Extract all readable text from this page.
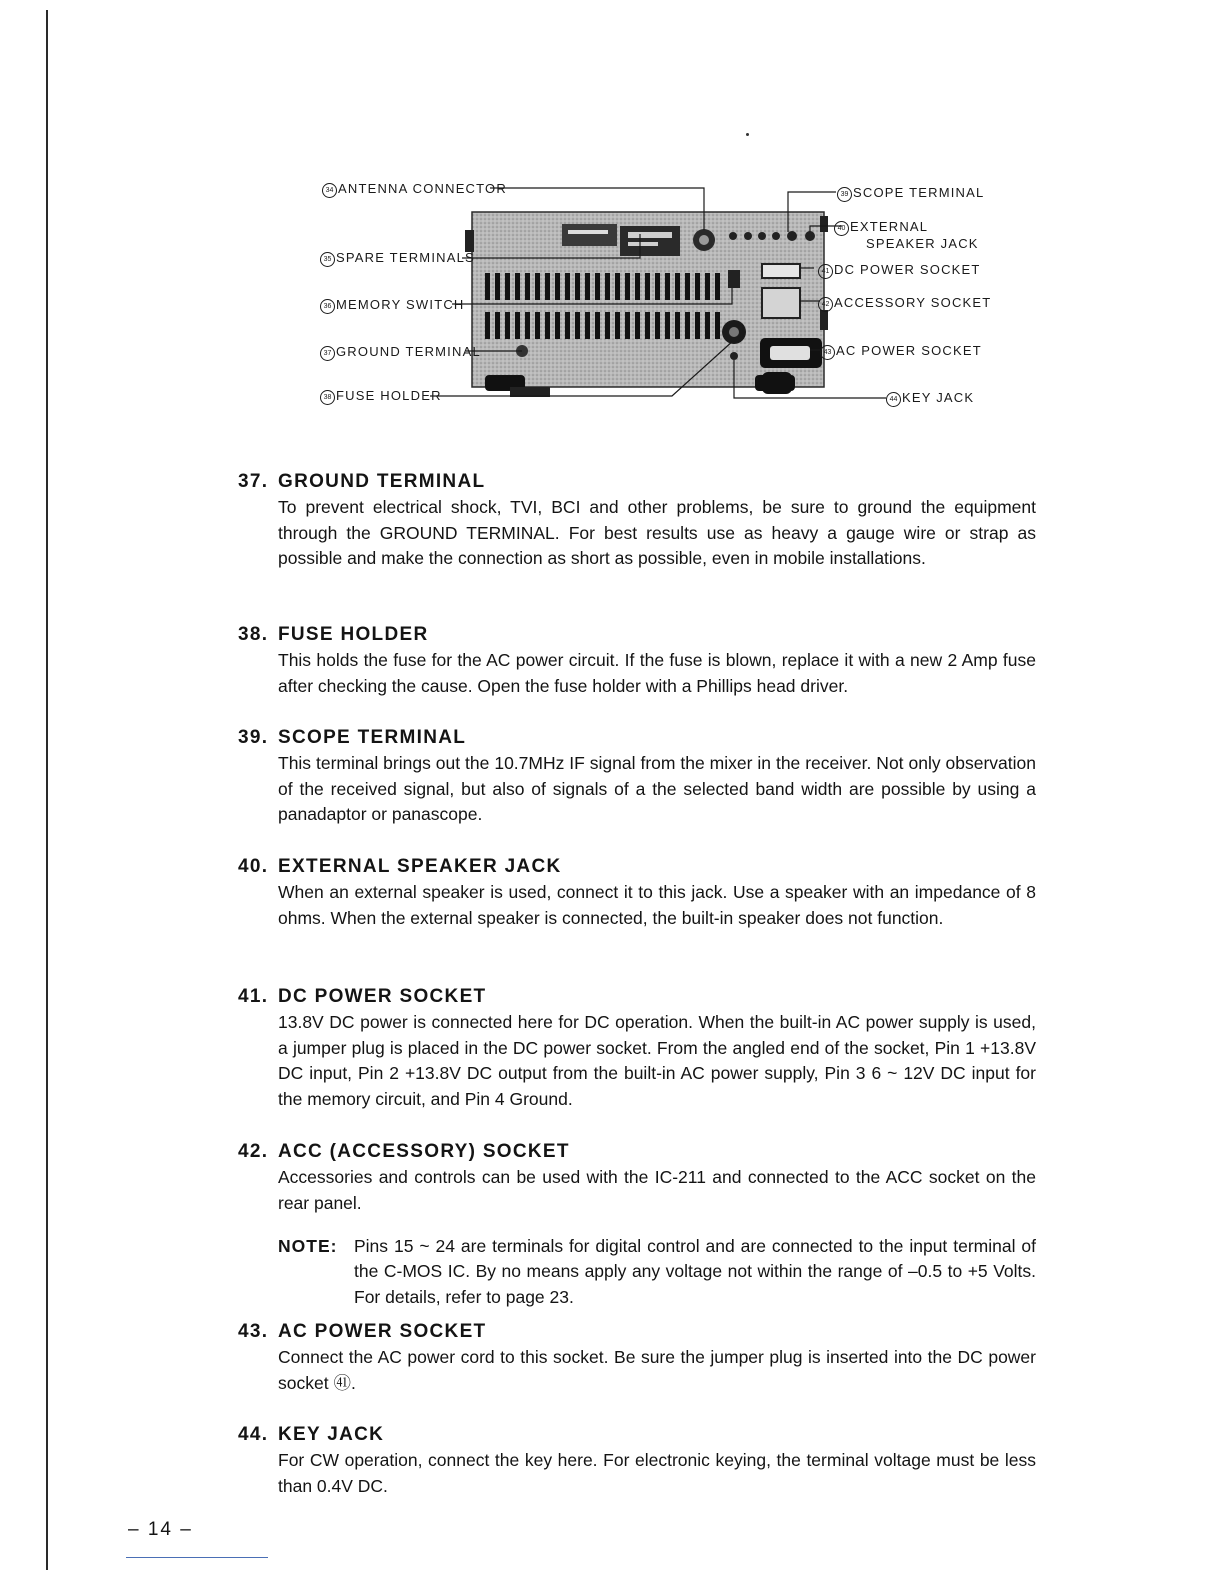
34 ANTENNA CONNECTOR
35 SPARE TERMINALS
36 MEMORY SWITCH
37 GROUND TERMINAL
38 FUSE HOLDER
39 SCOPE TERMINAL
40 EXTERNAL
SPEAKER JACK
41 DC POWER SOCKET
42 ACCESSORY SOCKET
43 AC POWER SOCKET
44 KEY JACK
37. GROUND TERMINAL

To prevent electrical shock, TVI, BCI and other problems, be sure to ground the equipment through the GROUND TERMINAL. For best results use as heavy a gauge wire or strap as possible and make the connection as short as possible, even in mobile installations.

38. FUSE HOLDER

This holds the fuse for the AC power circuit. If the fuse is blown, replace it with a new 2 Amp fuse after checking the cause. Open the fuse holder with a Phillips head driver.

39. SCOPE TERMINAL

This terminal brings out the 10.7MHz IF signal from the mixer in the receiver. Not only observation of the received signal, but also of signals of a the selected band width are possible by using a panadaptor or panascope.

40. EXTERNAL SPEAKER JACK

When an external speaker is used, connect it to this jack. Use a speaker with an impedance of 8 ohms. When the external speaker is connected, the built-in speaker does not function.

41. DC POWER SOCKET

13.8V DC power is connected here for DC operation. When the built-in AC power supply is used, a jumper plug is placed in the DC power socket. From the angled end of the socket, Pin 1 +13.8V DC input, Pin 2 +13.8V DC output from the built-in AC power supply, Pin 3 6 ~ 12V DC input for the memory circuit, and Pin 4 Ground.

42. ACC (ACCESSORY) SOCKET

Accessories and controls can be used with the IC-211 and connected to the ACC socket on the rear panel.

NOTE: Pins 15 ~ 24 are terminals for digital control and are connected to the input terminal of the C-MOS IC. By no means apply any voltage not within the range of –0.5 to +5 Volts. For details, refer to page 23.
43. AC POWER SOCKET

Connect the AC power cord to this socket. Be sure the jumper plug is inserted into the DC power socket ㊶.

44. KEY JACK

For CW operation, connect the key here. For electronic keying, the terminal voltage must be less than 0.4V DC.

– 14 –
